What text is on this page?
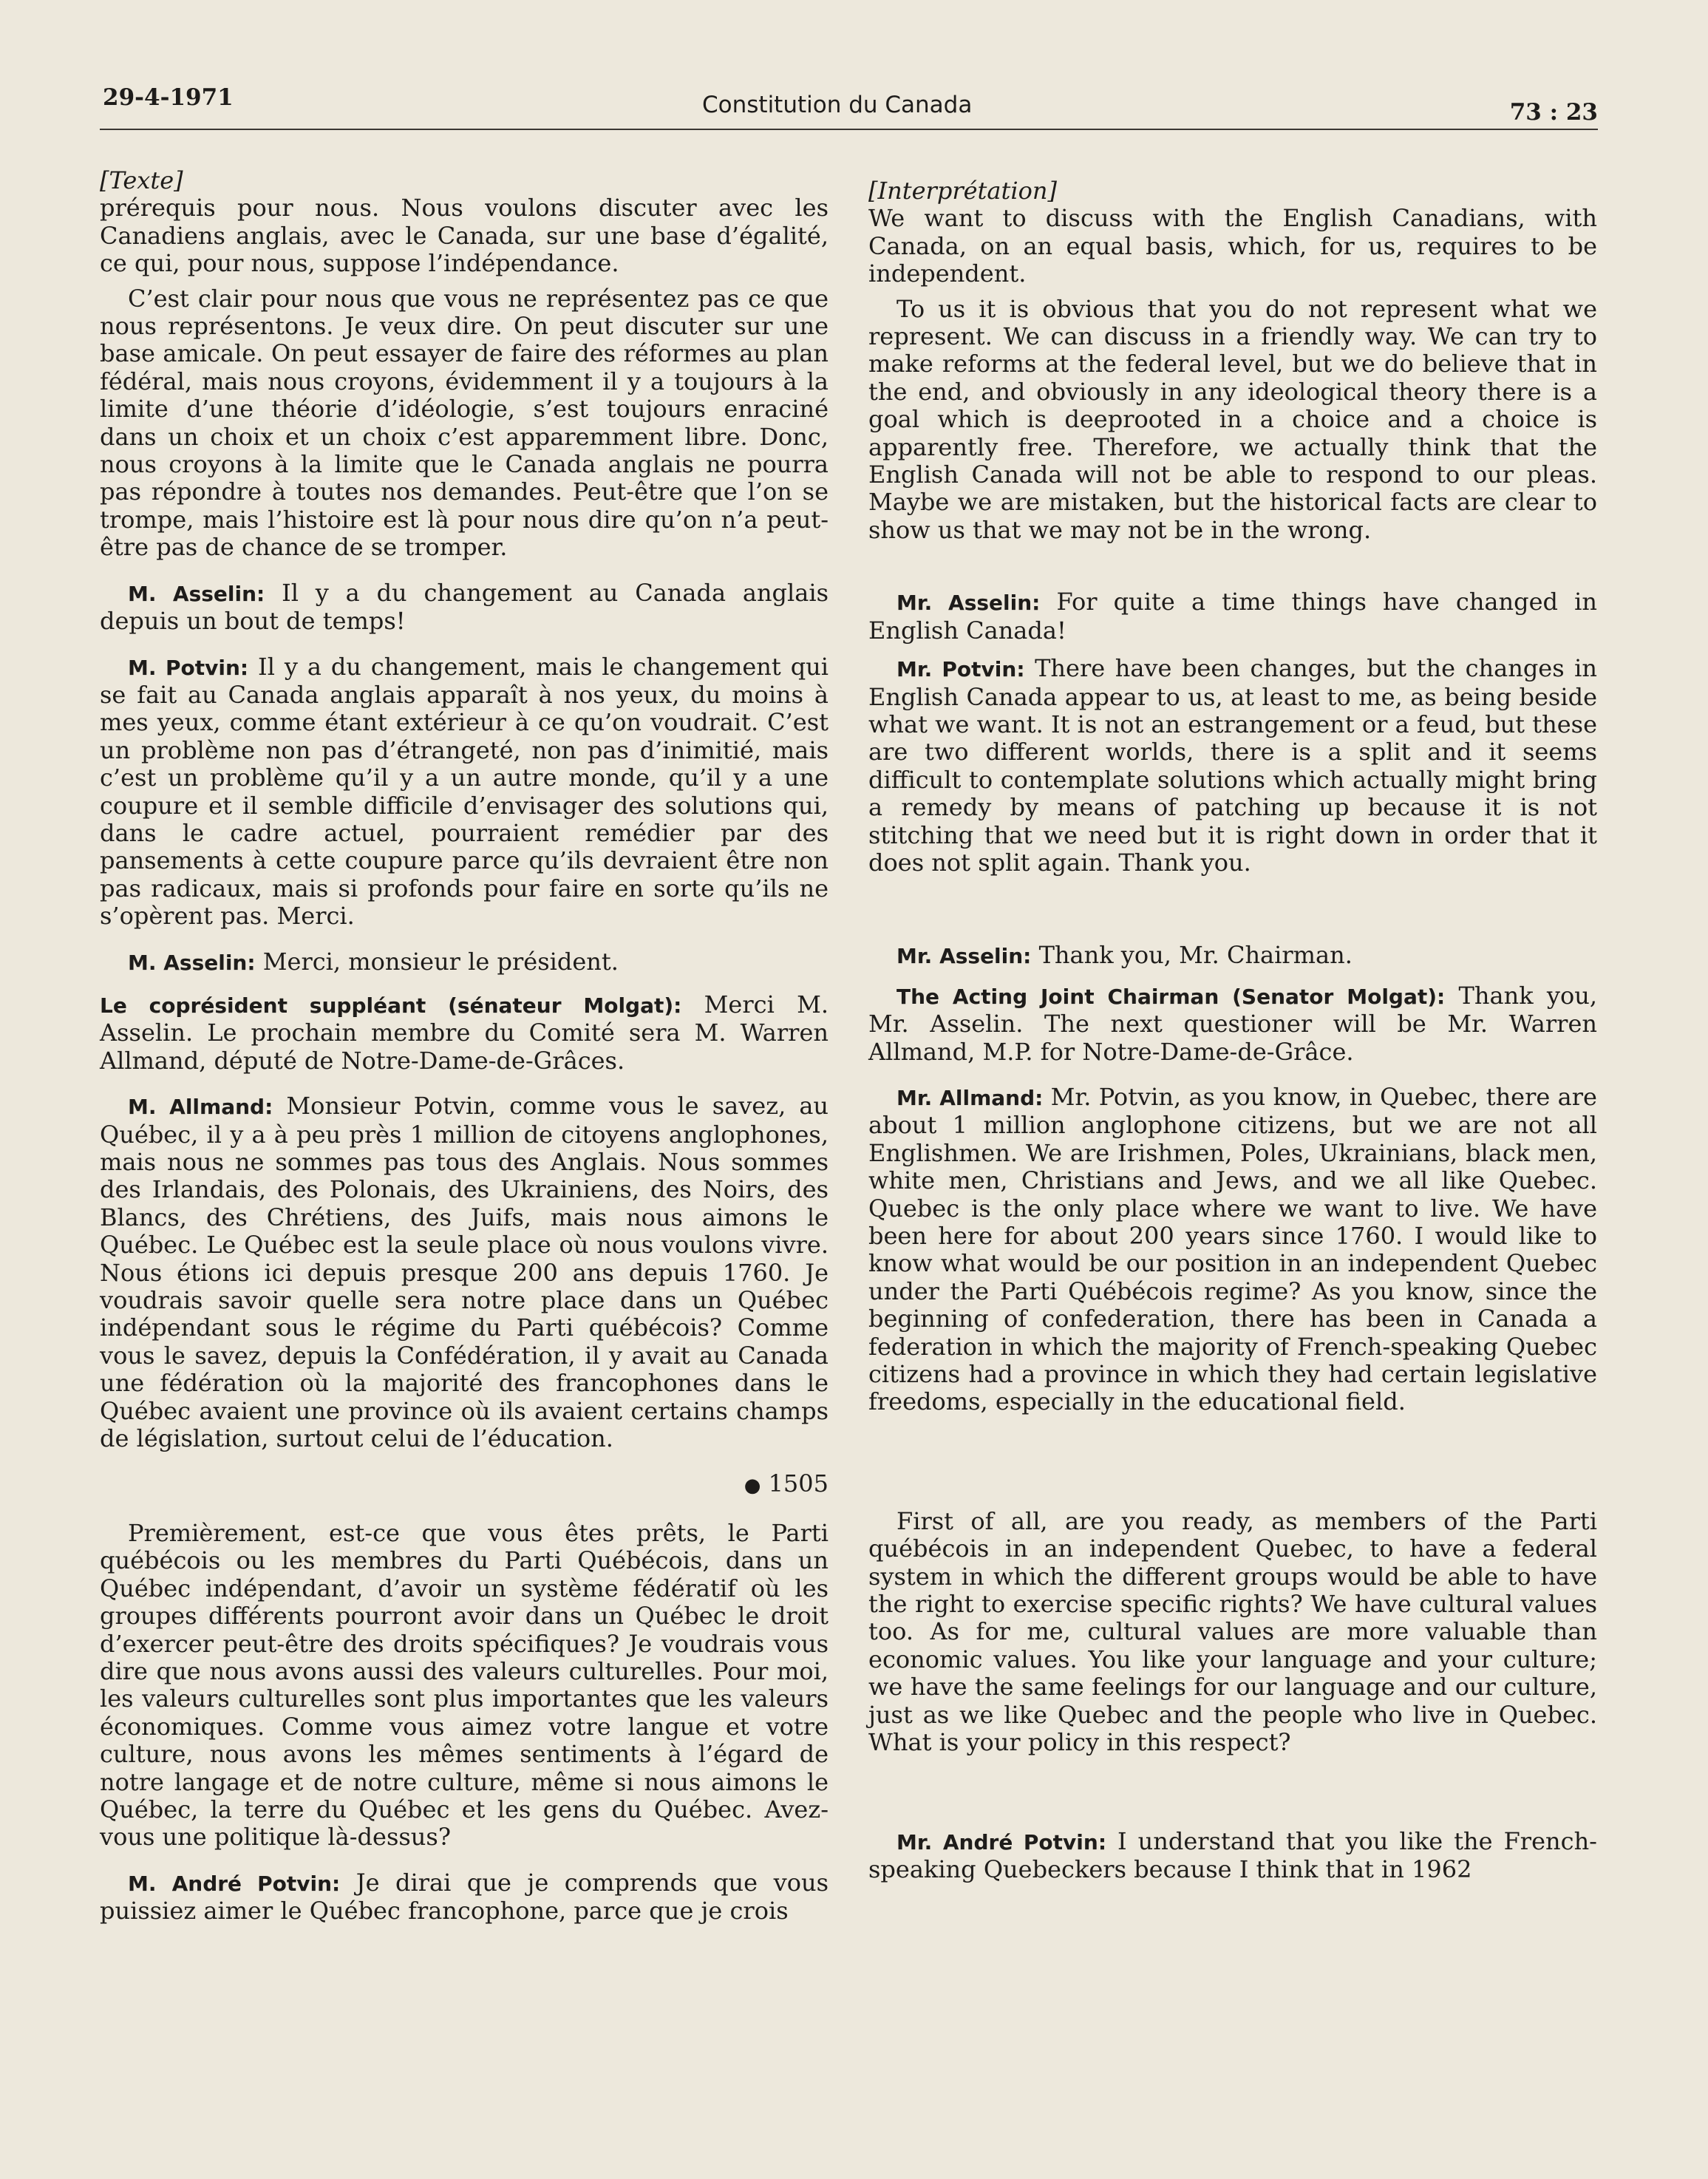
29-4-1971	Constitution du Canada	73 : 23

[Texte]

prérequis pour nous. Nous voulons discuter avec les Canadiens anglais, avec le Canada, sur une base d’égalité, ce qui, pour nous, suppose l’indépendance.

C’est clair pour nous que vous ne représentez pas ce que nous représentons. Je veux dire. On peut discuter sur une base amicale. On peut essayer de faire des réformes au plan fédéral, mais nous croyons, évidemment il y a toujours à la limite d’une théorie d’idéologie, s’est toujours enraciné dans un choix et un choix c’est apparemment libre. Donc, nous croyons à la limite que le Canada anglais ne pourra pas répondre à toutes nos demandes. Peut-être que l’on se trompe, mais l’histoire est là pour nous dire qu’on n’a peut-être pas de chance de se tromper.

M. Asselin: Il y a du changement au Canada anglais depuis un bout de temps!

M. Potvin: Il y a du changement, mais le changement qui se fait au Canada anglais apparaît à nos yeux, du moins à mes yeux, comme étant extérieur à ce qu’on voudrait. C’est un problème non pas d’étrangeté, non pas d’inimitié, mais c’est un problème qu’il y a un autre monde, qu’il y a une coupure et il semble difficile d’envisager des solutions qui, dans le cadre actuel, pourraient remédier par des pansements à cette coupure parce qu’ils devraient être non pas radicaux, mais si profonds pour faire en sorte qu’ils ne s’opèrent pas. Merci.

M. Asselin: Merci, monsieur le président.

Le coprésident suppléant (sénateur Molgat): Merci M. Asselin. Le prochain membre du Comité sera M. Warren Allmand, député de Notre-Dame-de-Grâces.

M. Allmand: Monsieur Potvin, comme vous le savez, au Québec, il y a à peu près 1 million de citoyens anglophones, mais nous ne sommes pas tous des Anglais. Nous sommes des Irlandais, des Polonais, des Ukrainiens, des Noirs, des Blancs, des Chrétiens, des Juifs, mais nous aimons le Québec. Le Québec est la seule place où nous voulons vivre. Nous étions ici depuis presque 200 ans depuis 1760. Je voudrais savoir quelle sera notre place dans un Québec indépendant sous le régime du Parti québécois? Comme vous le savez, depuis la Confédération, il y avait au Canada une fédération où la majorité des francophones dans le Québec avaient une province où ils avaient certains champs de législation, surtout celui de l’éducation.

● 1505

Premièrement, est-ce que vous êtes prêts, le Parti québécois ou les membres du Parti Québécois, dans un Québec indépendant, d’avoir un système fédératif où les groupes différents pourront avoir dans un Québec le droit d’exercer peut-être des droits spécifiques? Je voudrais vous dire que nous avons aussi des valeurs culturelles. Pour moi, les valeurs culturelles sont plus importantes que les valeurs économiques. Comme vous aimez votre langue et votre culture, nous avons les mêmes sentiments à l’égard de notre langage et de notre culture, même si nous aimons le Québec, la terre du Québec et les gens du Québec. Avez-vous une politique là-dessus?

M. André Potvin: Je dirai que je comprends que vous puissiez aimer le Québec francophone, parce que je crois

[Interprétation]

We want to discuss with the English Canadians, with Canada, on an equal basis, which, for us, requires to be independent.

To us it is obvious that you do not represent what we represent. We can discuss in a friendly way. We can try to make reforms at the federal level, but we do believe that in the end, and obviously in any ideological theory there is a goal which is deeprooted in a choice and a choice is apparently free. Therefore, we actually think that the English Canada will not be able to respond to our pleas. Maybe we are mistaken, but the historical facts are clear to show us that we may not be in the wrong.

Mr. Asselin: For quite a time things have changed in English Canada!

Mr. Potvin: There have been changes, but the changes in English Canada appear to us, at least to me, as being beside what we want. It is not an estrangement or a feud, but these are two different worlds, there is a split and it seems difficult to contemplate solutions which actually might bring a remedy by means of patching up because it is not stitching that we need but it is right down in order that it does not split again. Thank you.

Mr. Asselin: Thank you, Mr. Chairman.

The Acting Joint Chairman (Senator Molgat): Thank you, Mr. Asselin. The next questioner will be Mr. Warren Allmand, M.P. for Notre-Dame-de-Grâce.

Mr. Allmand: Mr. Potvin, as you know, in Quebec, there are about 1 million anglophone citizens, but we are not all Englishmen. We are Irishmen, Poles, Ukrainians, black men, white men, Christians and Jews, and we all like Quebec. Quebec is the only place where we want to live. We have been here for about 200 years since 1760. I would like to know what would be our position in an independent Quebec under the Parti Québécois regime? As you know, since the beginning of confederation, there has been in Canada a federation in which the majority of French-speaking Quebec citizens had a province in which they had certain legislative freedoms, especially in the educational field.

First of all, are you ready, as members of the Parti québécois in an independent Quebec, to have a federal system in which the different groups would be able to have the right to exercise specific rights? We have cultural values too. As for me, cultural values are more valuable than economic values. You like your language and your culture; we have the same feelings for our language and our culture, just as we like Quebec and the people who live in Quebec. What is your policy in this respect?

Mr. André Potvin: I understand that you like the French-speaking Quebeckers because I think that in 1962
